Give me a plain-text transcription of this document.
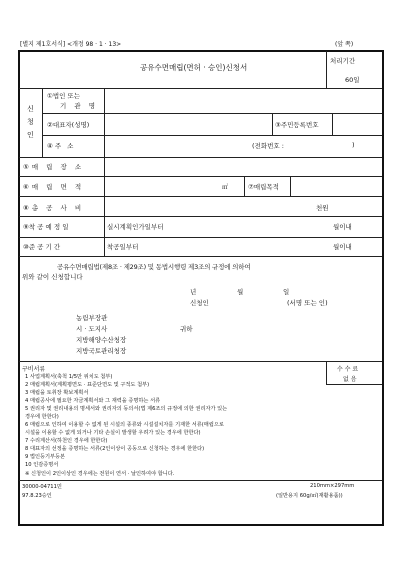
[별지 제1호서식] <개정 98 · 1 · 13>	(앞 쪽)
공유수면매립(면허 · 승인)신청서
처리기간
60일
신
청
인
①법인 또는
기 관 명
②대표자(성명)	③주민등록번호
④주 소	(전화번호 :	)
⑤매 립 장 소
⑥매 립 면 적	㎡	⑦매립목적
⑧총 공 사 비	천원
⑨착 공 예 정 일	실시계획인가일부터	월이내
⑩준 공 기 간	착공일부터	월이내
공유수면매립법(제8조 · 제29조) 및 동법시행령 제3조의 규정에 의하여
위와 같이 신청합니다
년	월	일
신청인	(서명 또는 인)
농림부장관
시 · 도지사	귀하
지방해양수산청장
지방국토관리청장
구비서류	수 수 료
없 음
1 사업계획서(축척 1/5만 위치도 첨부)
2 매립계획서(계획평면도 · 표준단면도 및 구적도 첨부)
3 매립을 토취장 확보계획서
4 매립공사에 필요한 자금계획서와 그 재력을 증명하는 서류
5 권리자 및 권리내용의 명세서와 권리자의 동의서(법 제6조의 규정에 의한 권리자가 있는
경우에 한한다)
6 매립으로 인하여 이용할 수 없게 된 시설의 종류와 시설설치자를 기재한 서류(매립으로
시설을 이용할 수 없게 되거나 기타 손실이 발생할 우려가 있는 경우에 한한다)
7 수리계산서(하천인 경우에 한한다)
8 대표자의 선정을 증명하는 서류(2인이상이 공동으로 신청하는 경우에 한한다)
9 법인등기부등본
10 인감증명서
※ 신청인이 2인이상인 경우에는 전원이 연서 · 날인하여야 합니다.
30000-04711민
97.8.23승인
210mm×297mm
(일반용지 60g/㎡(재활용품))
